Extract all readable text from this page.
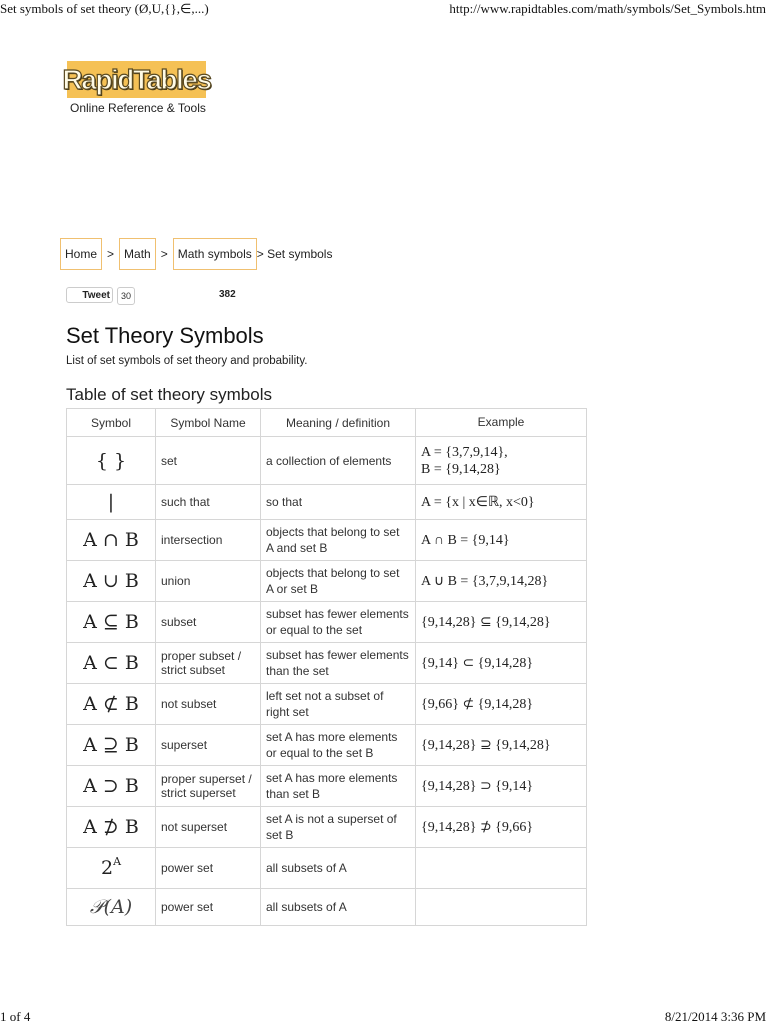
Set symbols of set theory (Ø,U,{},∈,...)	http://www.rapidtables.com/math/symbols/Set_Symbols.htm
RapidTables
Online Reference & Tools
Home > Math > Math symbols > Set symbols
Tweet	30	382
Set Theory Symbols
List of set symbols of set theory and probability.
Table of set theory symbols
Symbol	Symbol Name	Meaning / definition	Example
{ }	set	a collection of elements	A = {3,7,9,14},
B = {9,14,28}

|	such that	so that	A = {x | x∈ℝ, x<0}
A ∩ B	intersection	objects that belong to set A and set B	A ∩ B = {9,14}
A ∪ B	union	objects that belong to set A or set B	A ∪ B = {3,7,9,14,28}
A ⊆ B	subset	subset has fewer elements or equal to the set	{9,14,28} ⊆ {9,14,28}
A ⊂ B	proper subset / strict subset	subset has fewer elements than the set	{9,14} ⊂ {9,14,28}
A ⊄ B	not subset	left set not a subset of right set	{9,66} ⊄ {9,14,28}
A ⊇ B	superset	set A has more elements or equal to the set B	{9,14,28} ⊇ {9,14,28}
A ⊃ B	proper superset / strict superset	set A has more elements than set B	{9,14,28} ⊃ {9,14}
A ⊅ B	not superset	set A is not a superset of set B	{9,14,28} ⊅ {9,66}
$2^A$	power set	all subsets of A	
𝒫(A)	power set	all subsets of A	
1 of 4	8/21/2014 3:36 PM
